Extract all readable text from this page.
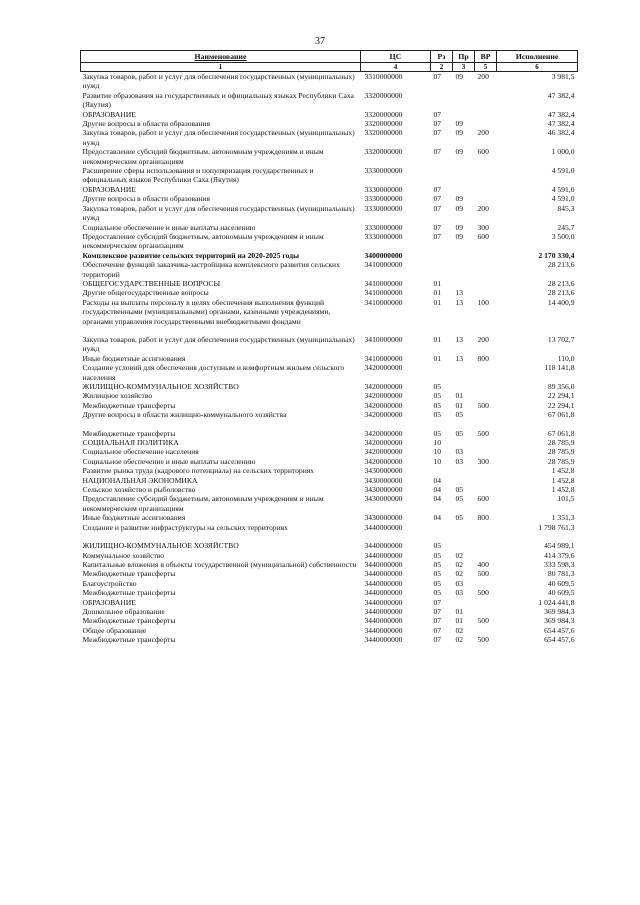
37
Наименование	ЦС	Рз	Пр	ВР	Исполнение
1	4	2	3	5	6
Закупка товаров, работ и услуг для обеспечения государственных (муниципальных) нужд	3310000000	07	09	200	3 981,5
Развитие образования на государственных и официальных языках Республики Саха (Якутия)	3320000000				47 382,4
ОБРАЗОВАНИЕ	3320000000	07			47 382,4
Другие вопросы в области образования	3320000000	07	09		47 382,4
Закупка товаров, работ и услуг для обеспечения государственных (муниципальных) нужд	3320000000	07	09	200	46 382,4
Предоставление субсидий бюджетным, автономным учреждениям и иным некоммерческим организациям	3320000000	07	09	600	1 000,0
Расширение сферы использования и популяризация государственных и официальных языков Республики Саха (Якутия)	3330000000				4 591,0
ОБРАЗОВАНИЕ	3330000000	07			4 591,0
Другие вопросы в области образования	3330000000	07	09		4 591,0
Закупка товаров, работ и услуг для обеспечения государственных (муниципальных) нужд	3330000000	07	09	200	845,3
Социальное обеспечение и иные выплаты населению	3330000000	07	09	300	245,7
Предоставление субсидий бюджетным, автономным учреждениям и иным некоммерческим организациям	3330000000	07	09	600	3 500,0
Комплексное развитие сельских территорий на 2020-2025 годы	3400000000				2 170 330,4
Обеспечение функций заказчика-застройщика комплексного развития сельских территорий	3410000000				28 213,6
ОБЩЕГОСУДАРСТВЕННЫЕ ВОПРОСЫ	3410000000	01			28 213,6
Другие общегосударственные вопросы	3410000000	01	13		28 213,6
Расходы на выплаты персоналу в целях обеспечения выполнения функций государственными (муниципальными) органами, казенными учреждениями, органами управления государственными внебюджетными фондами	3410000000	01	13	100	14 400,9
Закупка товаров, работ и услуг для обеспечения государственных (муниципальных) нужд	3410000000	01	13	200	13 702,7
Иные бюджетные ассигнования	3410000000	01	13	800	110,0
Создание условий для обеспечения доступным и комфортным жильем сельского населения	3420000000				118 141,8
ЖИЛИЩНО-КОММУНАЛЬНОЕ ХОЗЯЙСТВО	3420000000	05			89 356,0
Жилищное хозяйство	3420000000	05	01		22 294,1
Межбюджетные трансферты	3420000000	05	01	500	22 294,1
Другие вопросы в области жилищно-коммунального хозяйства	3420000000	05	05		67 061,8
Межбюджетные трансферты	3420000000	05	05	500	67 061,8
СОЦИАЛЬНАЯ ПОЛИТИКА	3420000000	10			28 785,9
Социальное обеспечение населения	3420000000	10	03		28 785,9
Социальное обеспечение и иные выплаты населению	3420000000	10	03	300	28 785,9
Развитие рынка труда (кадрового потенциала) на сельских территориях	3430000000				1 452,8
НАЦИОНАЛЬНАЯ ЭКОНОМИКА	3430000000	04			1 452,8
Сельское хозяйство и рыболовство	3430000000	04	05		1 452,8
Предоставление субсидий бюджетным, автономным учреждениям и иным некоммерческим организациям	3430000000	04	05	600	101,5
Иные бюджетные ассигнования	3430000000	04	05	800	1 351,3
Создание и развитие инфраструктуры на сельских территориях	3440000000				1 798 761,3
ЖИЛИЩНО-КОММУНАЛЬНОЕ ХОЗЯЙСТВО	3440000000	05			454 989,1
Коммунальное хозяйство	3440000000	05	02		414 379,6
Капитальные вложения в объекты государственной (муниципальной) собственности	3440000000	05	02	400	333 598,3
Межбюджетные трансферты	3440000000	05	02	500	80 781,3
Благоустройство	3440000000	05	03		40 609,5
Межбюджетные трансферты	3440000000	05	03	500	40 609,5
ОБРАЗОВАНИЕ	3440000000	07			1 024 441,8
Дошкольное образование	3440000000	07	01		369 984,3
Межбюджетные трансферты	3440000000	07	01	500	369 984,3
Общее образование	3440000000	07	02		654 457,6
Межбюджетные трансферты	3440000000	07	02	500	654 457,6
